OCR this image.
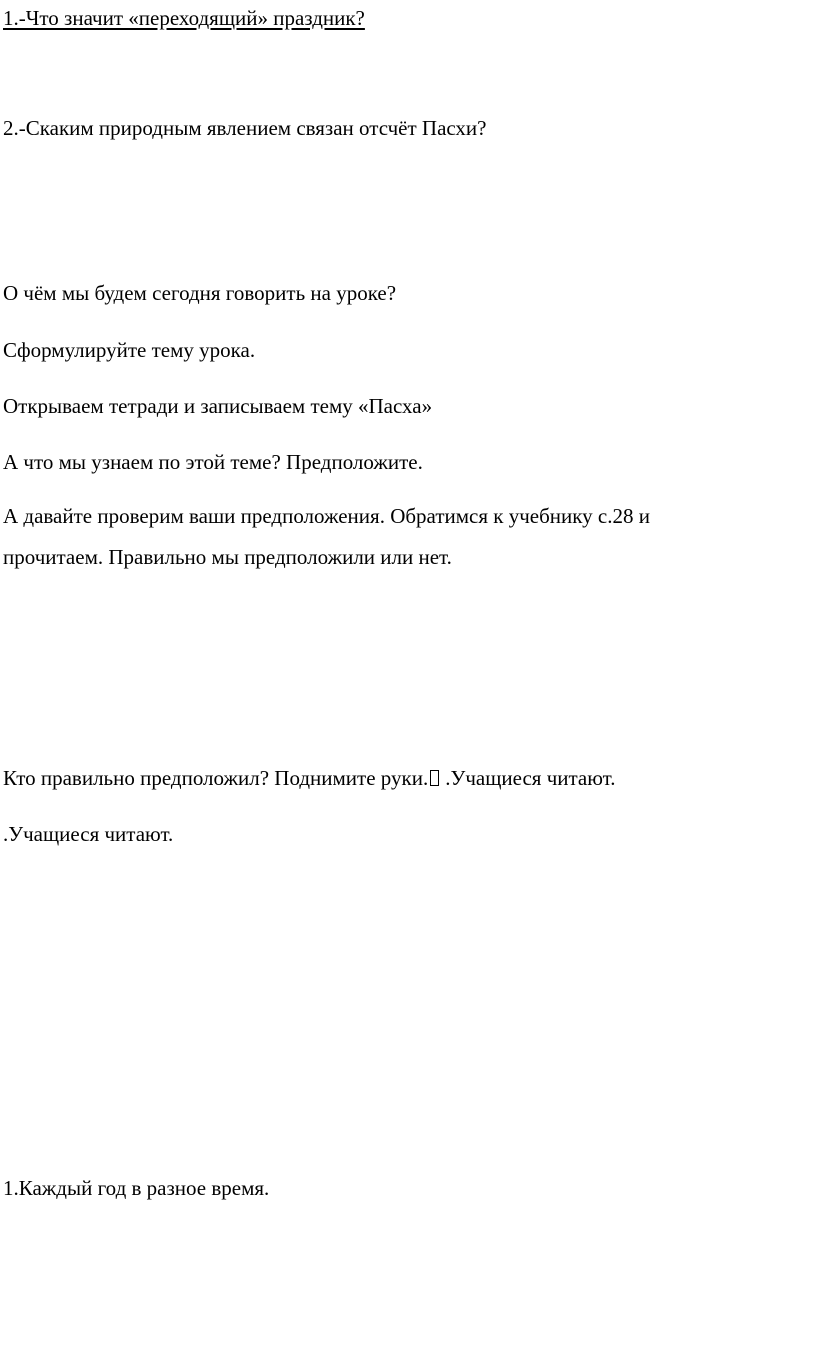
1.-Что значит «переходящий» праздник?
2.-Скаким природным явлением связан отсчёт Пасхи?
О чём мы будем сегодня говорить на уроке?
Сформулируйте тему урока.
Открываем тетради и записываем тему «Пасха»
А что мы узнаем по этой теме? Предположите.
А давайте проверим ваши предположения. Обратимся к учебнику с.28 и
прочитаем. Правильно мы предположили или нет.
Кто правильно предположил? Поднимите руки. .Учащиеся читают.
.Учащиеся читают.
1.Каждый год в разное время.
